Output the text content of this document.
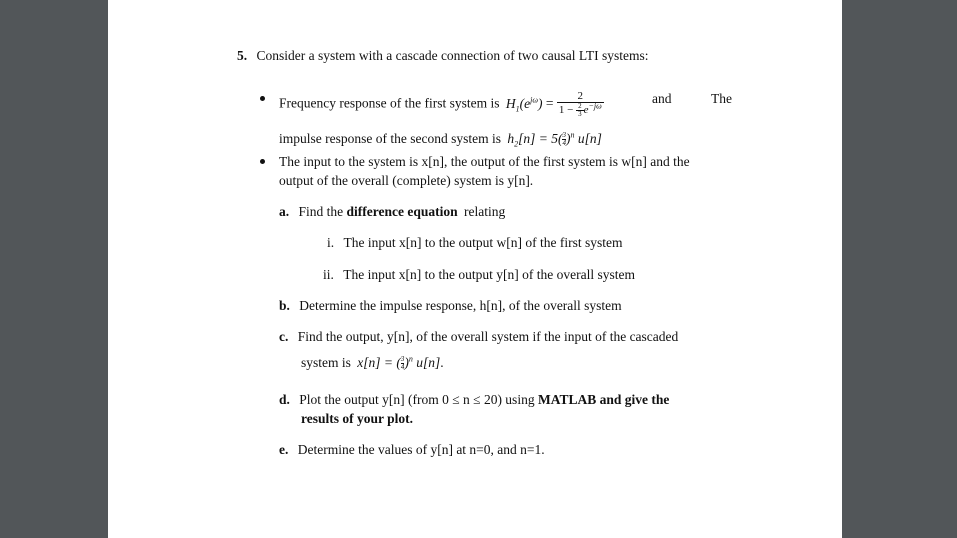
5. Consider a system with a cascade connection of two causal LTI systems:
Frequency response of the first system is $H_1(e^{j\omega}) = \frac{2}{1 - \frac{2}{3} e^{-j\omega}}$	and	The
impulse response of the second system is $h_2[n] = 5(\frac{3}{4} )^n$ u[n]
The input to the system is x[n], the output of the first system is w[n] and the
output of the overall (complete) system is y[n].
a. Find the difference equation relating
i. The input x[n] to the output w[n] of the first system
ii. The input x[n] to the output y[n] of the overall system
b. Determine the impulse response, h[n], of the overall system
c. Find the output, y[n], of the overall system if the input of the cascaded
system is $x[n] = (\frac{3}{4} )^n$ u[n].
d. Plot the output y[n] (from 0 ≤ n ≤ 20) using MATLAB and give the
results of your plot.
e. Determine the values of y[n] at n=0, and n=1.
